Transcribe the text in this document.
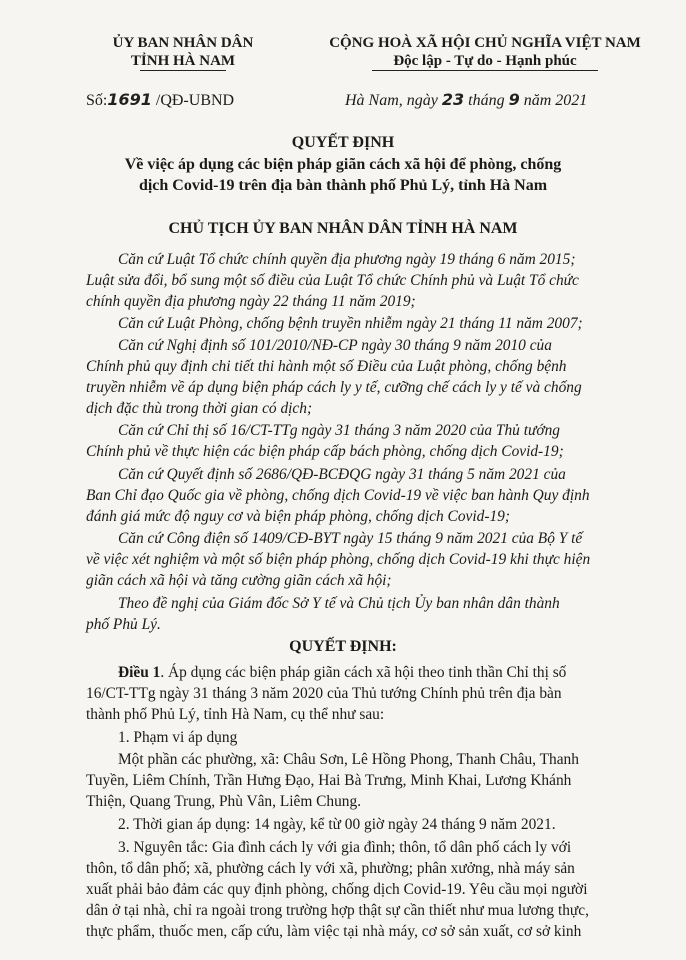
ỦY BAN NHÂN DÂN
TỈNH HÀ NAM
CỘNG HOÀ XÃ HỘI CHỦ NGHĨA VIỆT NAM
Độc lập - Tự do - Hạnh phúc
Số:1691 /QĐ-UBND	Hà Nam, ngày 23 tháng 9 năm 2021
QUYẾT ĐỊNH
Về việc áp dụng các biện pháp giãn cách xã hội để phòng, chống
dịch Covid-19 trên địa bàn thành phố Phủ Lý, tỉnh Hà Nam
CHỦ TỊCH ỦY BAN NHÂN DÂN TỈNH HÀ NAM
Căn cứ Luật Tổ chức chính quyền địa phương ngày 19 tháng 6 năm 2015;
Luật sửa đổi, bổ sung một số điều của Luật Tổ chức Chính phủ và Luật Tổ chức
chính quyền địa phương ngày 22 tháng 11 năm 2019;
Căn cứ Luật Phòng, chống bệnh truyền nhiễm ngày 21 tháng 11 năm 2007;
Căn cứ Nghị định số 101/2010/NĐ-CP ngày 30 tháng 9 năm 2010 của
Chính phủ quy định chi tiết thi hành một số Điều của Luật phòng, chống bệnh
truyền nhiễm về áp dụng biện pháp cách ly y tế, cưỡng chế cách ly y tế và chống
dịch đặc thù trong thời gian có dịch;
Căn cứ Chỉ thị số 16/CT-TTg ngày 31 tháng 3 năm 2020 của Thủ tướng
Chính phủ về thực hiện các biện pháp cấp bách phòng, chống dịch Covid-19;
Căn cứ Quyết định số 2686/QĐ-BCĐQG ngày 31 tháng 5 năm 2021 của
Ban Chỉ đạo Quốc gia về phòng, chống dịch Covid-19 về việc ban hành Quy định
đánh giá mức độ nguy cơ và biện pháp phòng, chống dịch Covid-19;
Căn cứ Công điện số 1409/CĐ-BYT ngày 15 tháng 9 năm 2021 của Bộ Y tế
về việc xét nghiệm và một số biện pháp phòng, chống dịch Covid-19 khi thực hiện
giãn cách xã hội và tăng cường giãn cách xã hội;
Theo đề nghị của Giám đốc Sở Y tế và Chủ tịch Ủy ban nhân dân thành
phố Phủ Lý.
QUYẾT ĐỊNH:
Điều 1. Áp dụng các biện pháp giãn cách xã hội theo tinh thần Chỉ thị số
16/CT-TTg ngày 31 tháng 3 năm 2020 của Thủ tướng Chính phủ trên địa bàn
thành phố Phủ Lý, tỉnh Hà Nam, cụ thể như sau:
1. Phạm vi áp dụng
Một phần các phường, xã: Châu Sơn, Lê Hồng Phong, Thanh Châu, Thanh
Tuyền, Liêm Chính, Trần Hưng Đạo, Hai Bà Trưng, Minh Khai, Lương Khánh
Thiện, Quang Trung, Phù Vân, Liêm Chung.
2. Thời gian áp dụng: 14 ngày, kể từ 00 giờ ngày 24 tháng 9 năm 2021.
3. Nguyên tắc: Gia đình cách ly với gia đình; thôn, tổ dân phố cách ly với
thôn, tổ dân phố; xã, phường cách ly với xã, phường; phân xưởng, nhà máy sản
xuất phải bảo đảm các quy định phòng, chống dịch Covid-19. Yêu cầu mọi người
dân ở tại nhà, chỉ ra ngoài trong trường hợp thật sự cần thiết như mua lương thực,
thực phẩm, thuốc men, cấp cứu, làm việc tại nhà máy, cơ sở sản xuất, cơ sở kinh
